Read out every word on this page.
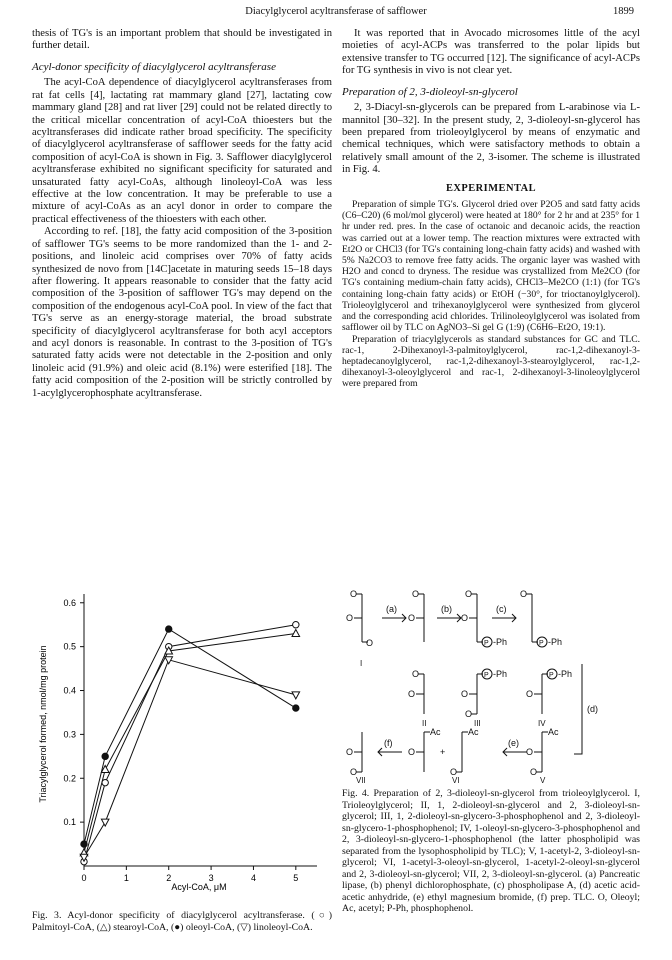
Diacylglycerol acyltransferase of safflower	1899

thesis of TG's is an important problem that should be investigated in further detail.

Acyl-donor specificity of diacylglycerol acyltransferase

The acyl-CoA dependence of diacylglycerol acyltransferases from rat fat cells [4], lactating rat mammary gland [27], lactating cow mammary gland [28] and rat liver [29] could not be related directly to the critical micellar concentration of acyl-CoA thioesters but the acyltransferases did indicate rather broad specificity. The specificity of diacylglycerol acyltransferase of safflower seeds for the fatty acid composition of acyl-CoA is shown in Fig. 3. Safflower diacylglycerol acyltransferase exhibited no significant specificity for saturated and unsaturated fatty acyl-CoAs, although linoleoyl-CoA was less effective at the low concentration. It may be preferable to use a mixture of acyl-CoAs as an acyl donor in order to compare the practical effectiveness of the thioesters with each other.

According to ref. [18], the fatty acid composition of the 3-position of safflower TG's seems to be more randomized than the 1- and 2-positions, and linoleic acid comprises over 70% of fatty acids synthesized de novo from [14C]acetate in maturing seeds 15–18 days after flowering. It appears reasonable to consider that the fatty acid composition of the 3-position of safflower TG's may depend on the composition of the endogenous acyl-CoA pool. In view of the fact that TG's serve as an energy-storage material, the broad substrate specificity of diacylglycerol acyltransferase for both acyl acceptors and acyl donors is reasonable. In contrast to the 3-position of TG's saturated fatty acids were not detectable in the 2-position and only linoleic acid (91.9%) and oleic acid (8.1%) were esterified [18]. The fatty acid composition of the 2-position will be strictly controlled by 1-acylglycerophosphate acyltransferase.

It was reported that in Avocado microsomes little of the acyl moieties of acyl-ACPs was transferred to the polar lipids but extensive transfer to TG occurred [12]. The significance of acyl-ACPs for TG synthesis in vivo is not clear yet.

Preparation of 2, 3-dioleoyl-sn-glycerol

2, 3-Diacyl-sn-glycerols can be prepared from L-arabinose via L-mannitol [30–32]. In the present study, 2, 3-dioleoyl-sn-glycerol has been prepared from trioleoylglycerol by means of enzymatic and chemical techniques, which were satisfactory methods to obtain a relatively small amount of the 2, 3-isomer. The scheme is illustrated in Fig. 4.

EXPERIMENTAL

Preparation of simple TG's. Glycerol dried over P2O5 and satd fatty acids (C6–C20) (6 mol/mol glycerol) were heated at 180° for 2 hr and at 235° for 1 hr under red. pres. In the case of octanoic and decanoic acids, the reaction was carried out at a lower temp. The reaction mixtures were extracted with Et2O or CHCl3 (for TG's containing long-chain fatty acids) and washed with 5% Na2CO3 to remove free fatty acids. The organic layer was washed with H2O and concd to dryness. The residue was crystallized from Me2CO (for TG's containing medium-chain fatty acids), CHCl3–Me2CO (1:1) (for TG's containing long-chain fatty acids) or EtOH (−30°, for trioctanoylglycerol). Trioleoylglycerol and trihexanoylglycerol were synthesized from glycerol and the corresponding acid chlorides. Trilinoleoylglycerol was isolated from safflower oil by TLC on AgNO3–Si gel G (1:9) (C6H6–Et2O, 19:1).

Preparation of triacylglycerols as standard substances for GC and TLC. rac-1, 2-Dihexanoyl-3-palmitoylglycerol, rac-1,2-dihexanoyl-3-heptadecanoylglycerol, rac-1,2-dihexanoyl-3-stearoylglycerol, rac-1,2-dihexanoyl-3-oleoylglycerol and rac-1, 2-dihexanoyl-3-linoleoylglycerol were prepared from

0	1	2	3	4	5
0.1
0.2
0.3
0.4
0.5
0.6
Triacylglycerol formed, nmol/mg protein
Acyl-CoA, μM
Fig. 3. Acyl-donor specificity of diacylglycerol acyltransferase. (○) Palmitoyl-CoA, (△) stearoyl-CoA, (●) oleoyl-CoA, (▽) linoleoyl-CoA.
O
O
O
O
O
O
O
O
O
O	O
O
O
O
O
O
O
O
O
P -Ph	P -Ph
P -Ph	P -Ph
Ac	Ac	Ac
+
(a)	(b)	(c)
(d)
(e)
(f)
I
II	III	IV
V
VI
VII
Fig. 4. Preparation of 2, 3-dioleoyl-sn-glycerol from trioleoylglycerol. I, Trioleoylglycerol; II, 1, 2-dioleoyl-sn-glycerol and 2, 3-dioleoyl-sn-glycerol; III, 1, 2-dioleoyl-sn-glycero-3-phosphophenol and 2, 3-dioleoyl-sn-glycero-1-phosphophenol; IV, 1-oleoyl-sn-glycero-3-phosphophenol and 2, 3-dioleoyl-sn-glycero-1-phosphophenol (the latter phospholipid was separated from the lysophospholipid by TLC); V, 1-acetyl-2, 3-dioleoyl-sn-glycerol; VI, 1-acetyl-3-oleoyl-sn-glycerol, 1-acetyl-2-oleoyl-sn-glycerol and 2, 3-dioleoyl-sn-glycerol; VII, 2, 3-dioleoyl-sn-glycerol. (a) Pancreatic lipase, (b) phenyl dichlorophosphate, (c) phospholipase A, (d) acetic acid-acetic anhydride, (e) ethyl magnesium bromide, (f) prep. TLC. O, Oleoyl; Ac, acetyl; P-Ph, phosphophenol.
